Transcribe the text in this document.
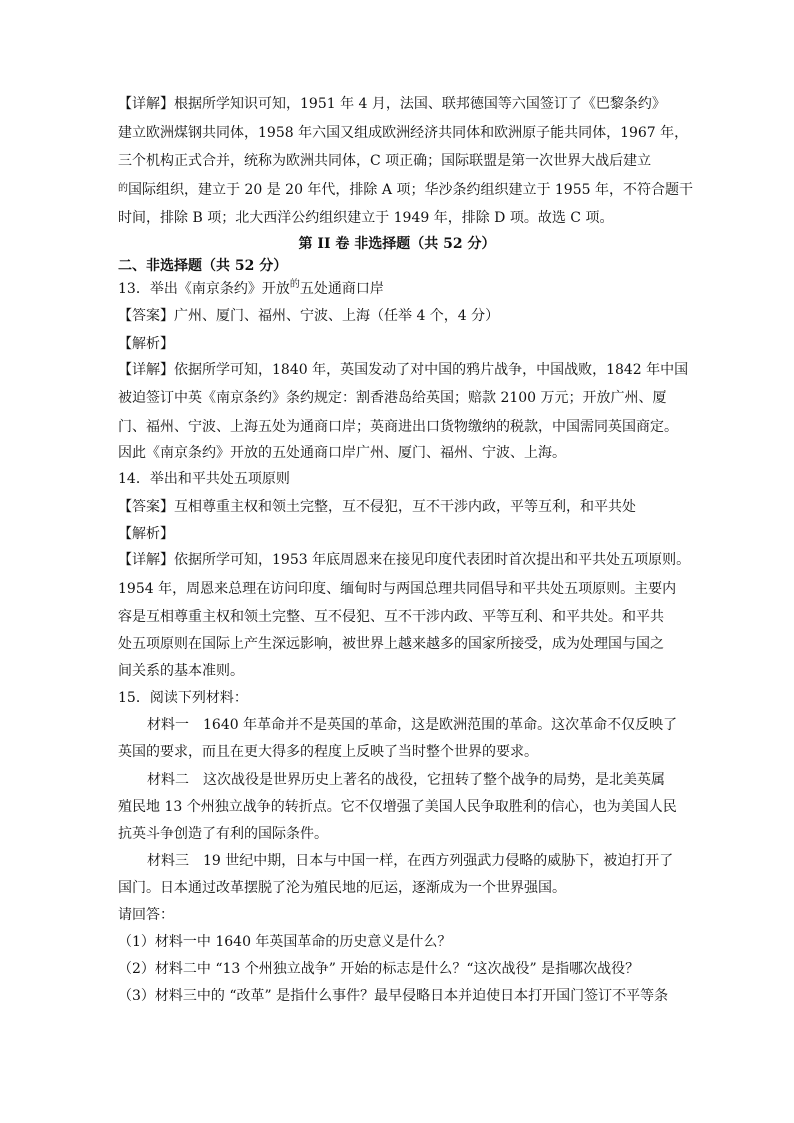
【详解】根据所学知识可知，1951 年 4 月，法国、联邦德国等六国签订了《巴黎条约》
建立欧洲煤钢共同体，1958 年六国又组成欧洲经济共同体和欧洲原子能共同体，1967 年，
三个机构正式合并，统称为欧洲共同体，C 项正确；国际联盟是第一次世界大战后建立
$^的$国际组织，建立于 20 是 20 年代，排除 A 项；华沙条约组织建立于 1955 年，不符合题干
时间，排除 B 项；北大西洋公约组织建立于 1949 年，排除 D 项。故选 C 项。
第 II 卷 非选择题（共 52 分）
二、非选择题（共 52 分）
13．举出《南京条约》开放$^的$五处通商口岸
【答案】广州、厦门、福州、宁波、上海（任举 4 个，4 分）
【解析】
【详解】依据所学可知，1840 年，英国发动了对中国的鸦片战争，中国战败，1842 年中国
被迫签订中英《南京条约》条约规定：割香港岛给英国；赔款 2100 万元；开放广州、厦
门、福州、宁波、上海五处为通商口岸；英商进出口货物缴纳的税款，中国需同英国商定。
因此《南京条约》开放的五处通商口岸广州、厦门、福州、宁波、上海。
14．举出和平共处五项原则
【答案】互相尊重主权和领土完整，互不侵犯，互不干涉内政，平等互利，和平共处
【解析】
【详解】依据所学可知，1953 年底周恩来在接见印度代表团时首次提出和平共处五项原则。
1954 年，周恩来总理在访问印度、缅甸时与两国总理共同倡导和平共处五项原则。主要内
容是互相尊重主权和领土完整、互不侵犯、互不干涉内政、平等互利、和平共处。和平共
处五项原则在国际上产生深远影响，被世界上越来越多的国家所接受，成为处理国与国之
间关系的基本准则。
15．阅读下列材料：
材料一　1640 年革命并不是英国的革命，这是欧洲范围的革命。这次革命不仅反映了
英国的要求，而且在更大得多的程度上反映了当时整个世界的要求。
材料二　这次战役是世界历史上著名的战役，它扭转了整个战争的局势，是北美英属
殖民地 13 个州独立战争的转折点。它不仅增强了美国人民争取胜利的信心，也为美国人民
抗英斗争创造了有利的国际条件。
材料三　19 世纪中期，日本与中国一样，在西方列强武力侵略的威胁下，被迫打开了
国门。日本通过改革摆脱了沦为殖民地的厄运，逐渐成为一个世界强国。
请回答：
（1）材料一中 1640 年英国革命的历史意义是什么？
（2）材料二中 “13 个州独立战争” 开始的标志是什么？“这次战役” 是指哪次战役？
（3）材料三中的 “改革” 是指什么事件？最早侵略日本并迫使日本打开国门签订不平等条
